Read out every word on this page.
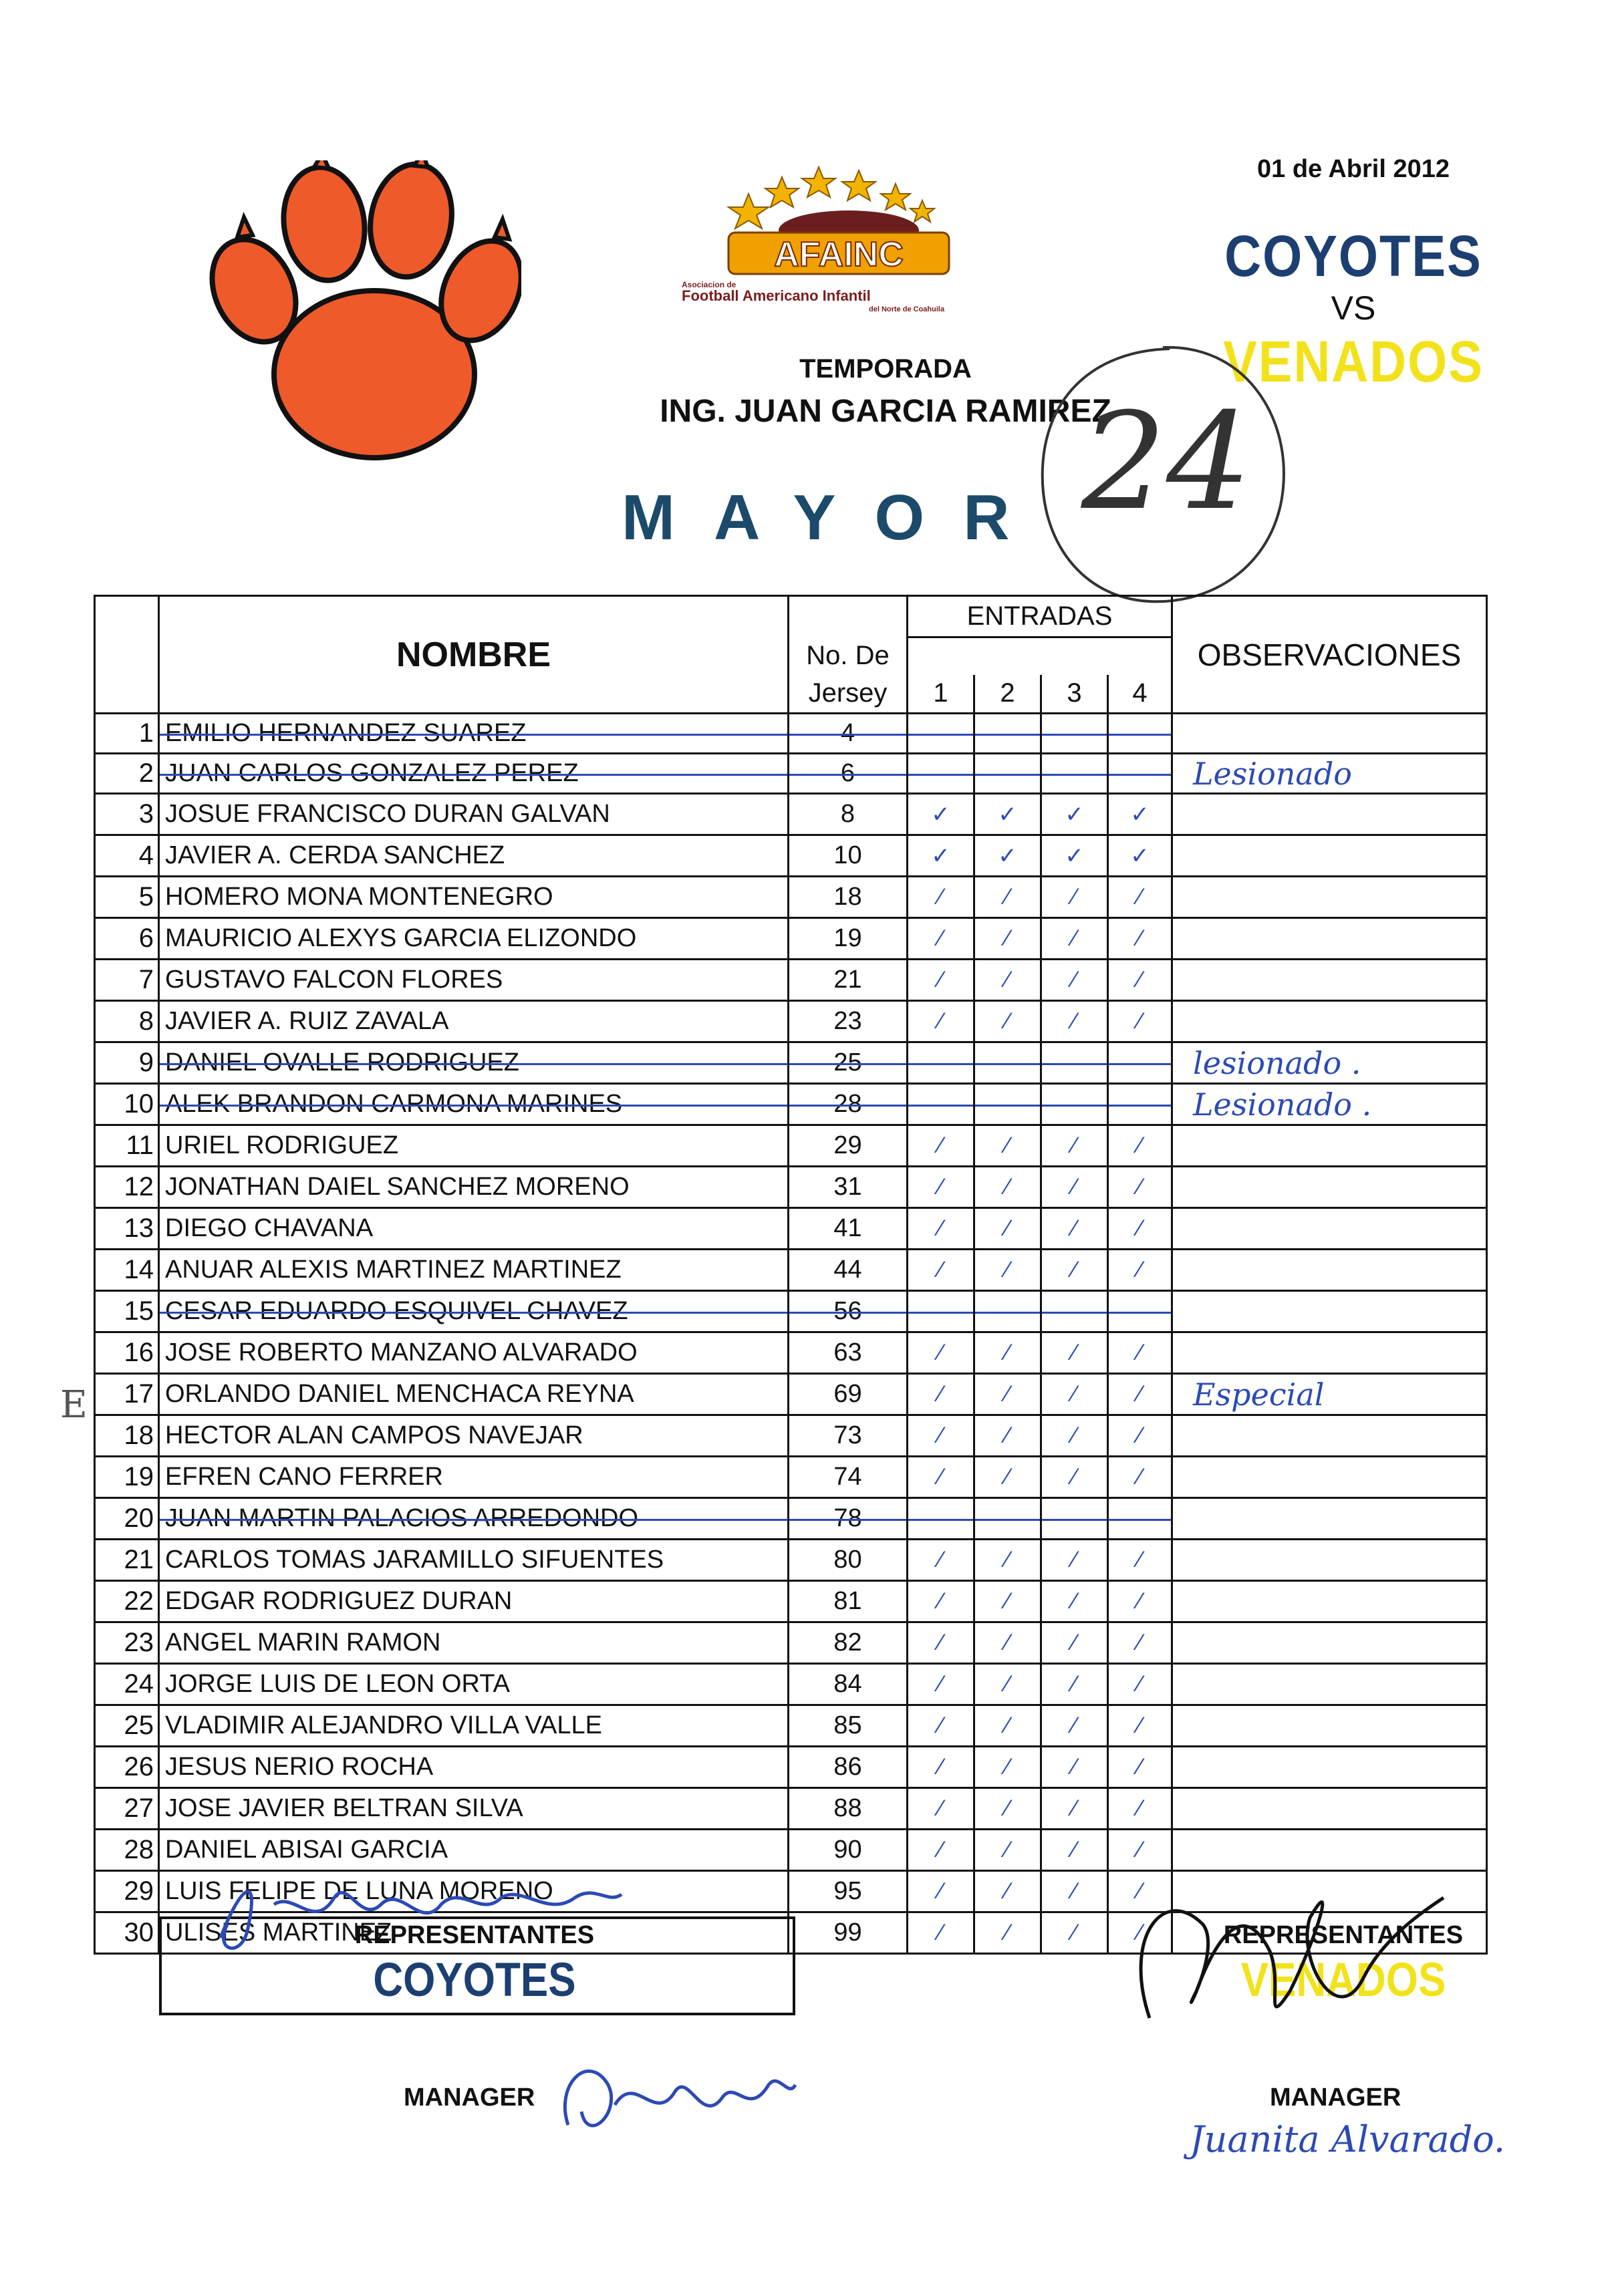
AFAINC
Asociacion de
Football Americano Infantil
del Norte de Coahuila
01 de Abril 2012
COYOTES
VS
VENADOS
TEMPORADA
ING. JUAN GARCIA RAMIREZ
MAYOR 24
E
	NOMBRE		ENTRADAS				OBSERVACIONES
		No. De					
		Jersey	1	2	3	4	
1	EMILIO HERNANDEZ SUAREZ	4					
2	JUAN CARLOS GONZALEZ PEREZ	6					Lesionado
3	JOSUE FRANCISCO DURAN GALVAN	8	✓	✓	✓	✓	
4	JAVIER A. CERDA SANCHEZ	10	✓	✓	✓	✓	
5	HOMERO MONA MONTENEGRO	18	⁄	⁄	⁄	⁄	
6	MAURICIO ALEXYS GARCIA ELIZONDO	19	⁄	⁄	⁄	⁄	
7	GUSTAVO FALCON FLORES	21	⁄	⁄	⁄	⁄	
8	JAVIER A. RUIZ ZAVALA	23	⁄	⁄	⁄	⁄	
9	DANIEL OVALLE RODRIGUEZ	25					lesionado .
10	ALEK BRANDON CARMONA MARINES	28					Lesionado .
11	URIEL RODRIGUEZ	29	⁄	⁄	⁄	⁄	
12	JONATHAN DAIEL SANCHEZ MORENO	31	⁄	⁄	⁄	⁄	
13	DIEGO CHAVANA	41	⁄	⁄	⁄	⁄	
14	ANUAR ALEXIS MARTINEZ MARTINEZ	44	⁄	⁄	⁄	⁄	
15	CESAR EDUARDO ESQUIVEL CHAVEZ	56					
16	JOSE ROBERTO MANZANO ALVARADO	63	⁄	⁄	⁄	⁄	
17	ORLANDO DANIEL MENCHACA REYNA	69	⁄	⁄	⁄	⁄	Especial
18	HECTOR ALAN CAMPOS NAVEJAR	73	⁄	⁄	⁄	⁄	
19	EFREN CANO FERRER	74	⁄	⁄	⁄	⁄	
20	JUAN MARTIN PALACIOS ARREDONDO	78					
21	CARLOS TOMAS JARAMILLO SIFUENTES	80	⁄	⁄	⁄	⁄	
22	EDGAR RODRIGUEZ DURAN	81	⁄	⁄	⁄	⁄	
23	ANGEL MARIN RAMON	82	⁄	⁄	⁄	⁄	
24	JORGE LUIS DE LEON ORTA	84	⁄	⁄	⁄	⁄	
25	VLADIMIR ALEJANDRO VILLA VALLE	85	⁄	⁄	⁄	⁄	
26	JESUS NERIO ROCHA	86	⁄	⁄	⁄	⁄	
27	JOSE JAVIER BELTRAN SILVA	88	⁄	⁄	⁄	⁄	
28	DANIEL ABISAI GARCIA	90	⁄	⁄	⁄	⁄	
29	LUIS FELIPE DE LUNA MORENO	95	⁄	⁄	⁄	⁄	
30	ULISES MARTINEZ	99	⁄	⁄	⁄	⁄	
REPRESENTANTES
COYOTES
REPRESENTANTES
VENADOS
MANAGER	MANAGER
Juanita Alvarado.
